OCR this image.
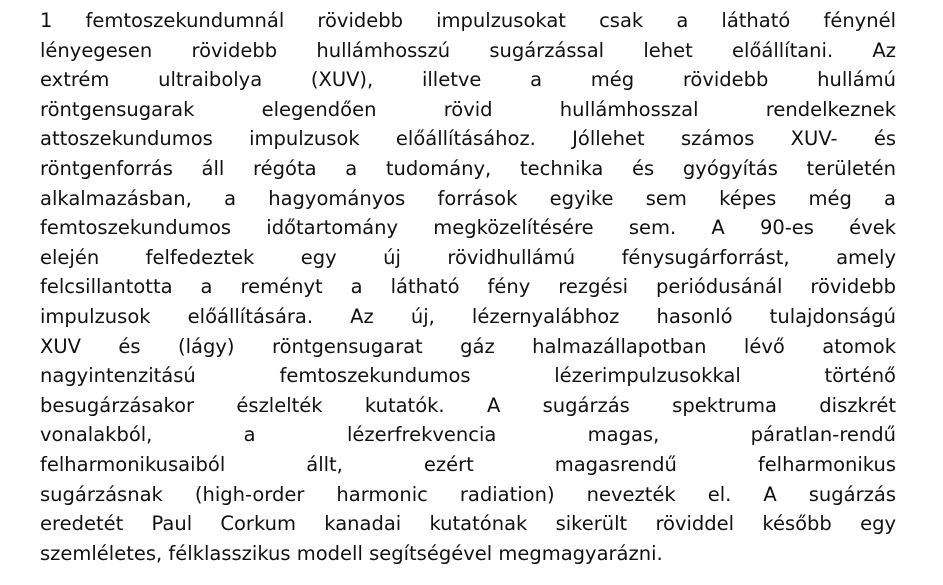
1 femtoszekundumnál rövidebb impulzusokat csak a látható fénynél

lényegesen rövidebb hullámhosszú sugárzással lehet előállítani. Az

extrém ultraibolya (XUV), illetve a még rövidebb hullámú

röntgensugarak elegendően rövid hullámhosszal rendelkeznek

attoszekundumos impulzusok előállításához. Jóllehet számos XUV- és

röntgenforrás áll régóta a tudomány, technika és gyógyítás területén

alkalmazásban, a hagyományos források egyike sem képes még a

femtoszekundumos időtartomány megközelítésére sem. A 90-es évek

elején felfedeztek egy új rövidhullámú fénysugárforrást, amely

felcsillantotta a reményt a látható fény rezgési periódusánál rövidebb

impulzusok előállítására. Az új, lézernyalábhoz hasonló tulajdonságú

XUV és (lágy) röntgensugarat gáz halmazállapotban lévő atomok

nagyintenzitású femtoszekundumos lézerimpulzusokkal történő

besugárzásakor észlelték kutatók. A sugárzás spektruma diszkrét

vonalakból, a lézerfrekvencia magas, páratlan-rendű

felharmonikusaiból állt, ezért magasrendű felharmonikus

sugárzásnak (high-order harmonic radiation) nevezték el. A sugárzás

eredetét Paul Corkum kanadai kutatónak sikerült röviddel később egy

szemléletes, félklasszikus modell segítségével megmagyarázni.
